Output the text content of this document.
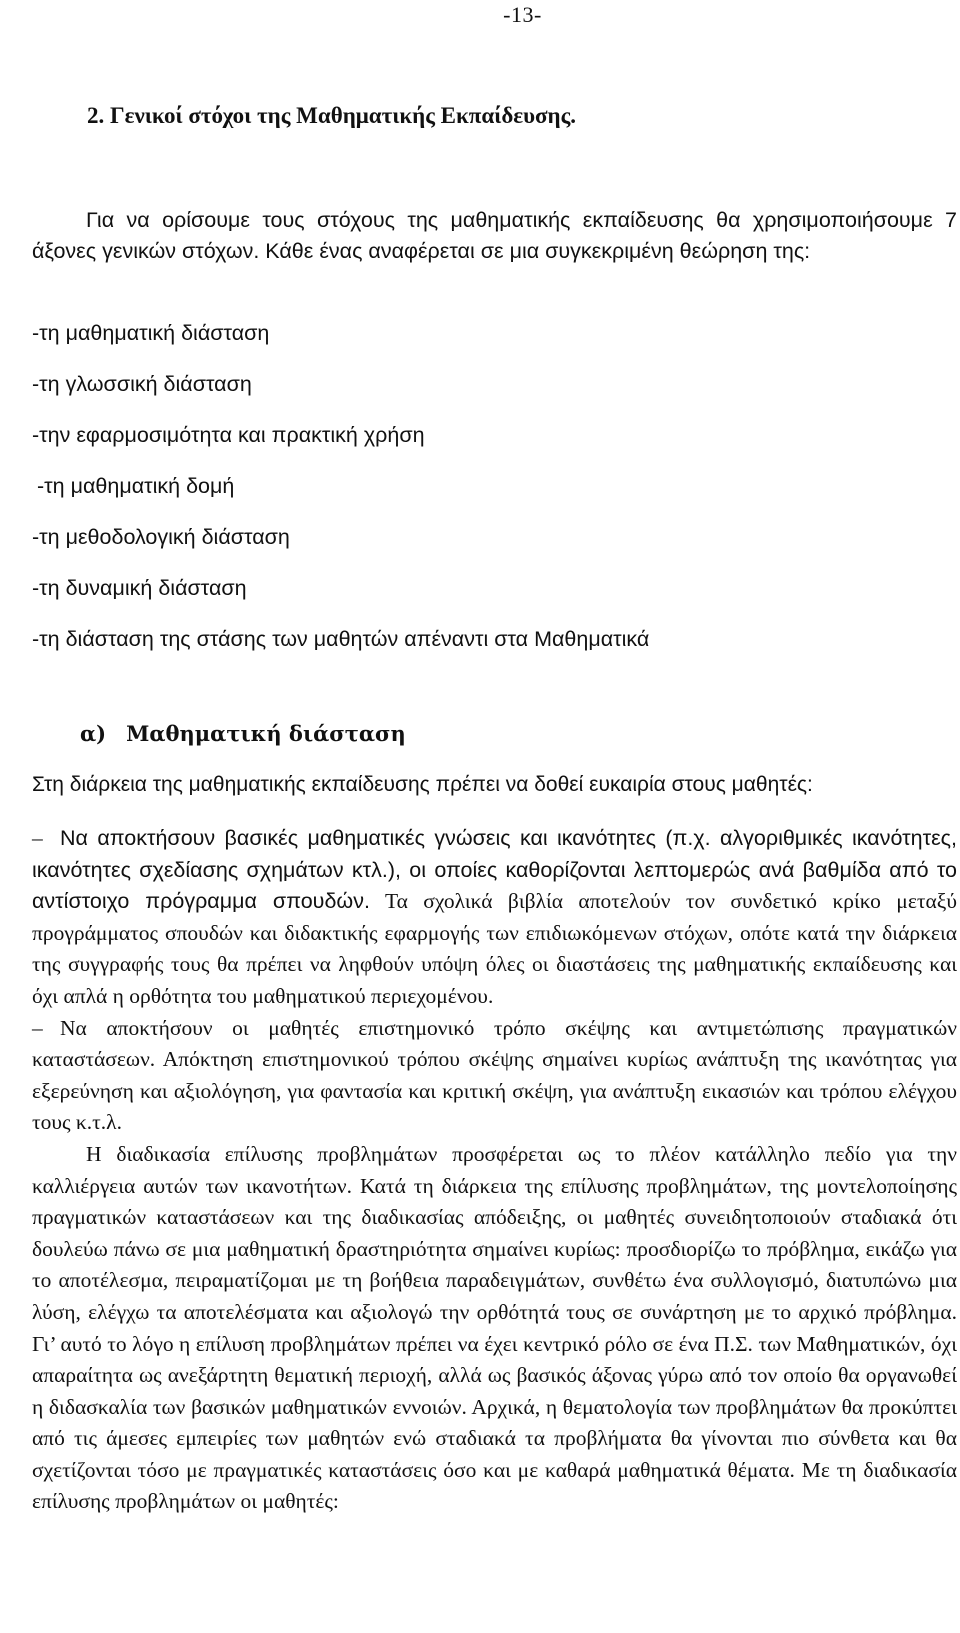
-13-
2. Γενικοί στόχοι της Μαθηματικής Εκπαίδευσης.

Για να ορίσουμε τους στόχους της μαθηματικής εκπαίδευσης θα χρησιμοποιήσουμε 7 άξονες γενικών στόχων. Κάθε ένας αναφέρεται σε μια συγκεκριμένη θεώρηση της:

-τη μαθηματική διάσταση
-τη γλωσσική διάσταση
-την εφαρμοσιμότητα και πρακτική χρήση
-τη μαθηματική δομή
-τη μεθοδολογική διάσταση
-τη δυναμική διάσταση
-τη διάσταση της στάσης των μαθητών απέναντι στα Μαθηματικά
α) Μαθηματική διάσταση
Στη διάρκεια της μαθηματικής εκπαίδευσης πρέπει να δοθεί ευκαιρία στους μαθητές:

– Να αποκτήσουν βασικές μαθηματικές γνώσεις και ικανότητες (π.χ. αλγοριθμικές ικανότητες, ικανότητες σχεδίασης σχημάτων κτλ.), οι οποίες καθορίζονται λεπτομερώς ανά βαθμίδα από το αντίστοιχο πρόγραμμα σπουδών. Τα σχολικά βιβλία αποτελούν τον συνδετικό κρίκο μεταξύ προγράμματος σπουδών και διδακτικής εφαρμογής των επιδιωκόμενων στόχων, οπότε κατά την διάρκεια της συγγραφής τους θα πρέπει να ληφθούν υπόψη όλες οι διαστάσεις της μαθηματικής εκπαίδευσης και όχι απλά η ορθότητα του μαθηματικού περιεχομένου.

– Να αποκτήσουν οι μαθητές επιστημονικό τρόπο σκέψης και αντιμετώπισης πραγματικών καταστάσεων. Απόκτηση επιστημονικού τρόπου σκέψης σημαίνει κυρίως ανάπτυξη της ικανότητας για εξερεύνηση και αξιολόγηση, για φαντασία και κριτική σκέψη, για ανάπτυξη εικασιών και τρόπου ελέγχου τους κ.τ.λ.

Η διαδικασία επίλυσης προβλημάτων προσφέρεται ως το πλέον κατάλληλο πεδίο για την καλλιέργεια αυτών των ικανοτήτων. Κατά τη διάρκεια της επίλυσης προβλημάτων, της μοντελοποίησης πραγματικών καταστάσεων και της διαδικασίας απόδειξης, οι μαθητές συνειδητοποιούν σταδιακά ότι δουλεύω πάνω σε μια μαθηματική δραστηριότητα σημαίνει κυρίως: προσδιορίζω το πρόβλημα, εικάζω για το αποτέλεσμα, πειραματίζομαι με τη βοήθεια παραδειγμάτων, συνθέτω ένα συλλογισμό, διατυπώνω μια λύση, ελέγχω τα αποτελέσματα και αξιολογώ την ορθότητά τους σε συνάρτηση με το αρχικό πρόβλημα. Γι’ αυτό το λόγο η επίλυση προβλημάτων πρέπει να έχει κεντρικό ρόλο σε ένα Π.Σ. των Μαθηματικών, όχι απαραίτητα ως ανεξάρτητη θεματική περιοχή, αλλά ως βασικός άξονας γύρω από τον οποίο θα οργανωθεί η διδασκαλία των βασικών μαθηματικών εννοιών. Αρχικά, η θεματολογία των προβλημάτων θα προκύπτει από τις άμεσες εμπειρίες των μαθητών ενώ σταδιακά τα προβλήματα θα γίνονται πιο σύνθετα και θα σχετίζονται τόσο με πραγματικές καταστάσεις όσο και με καθαρά μαθηματικά θέματα. Με τη διαδικασία επίλυσης προβλημάτων οι μαθητές:
